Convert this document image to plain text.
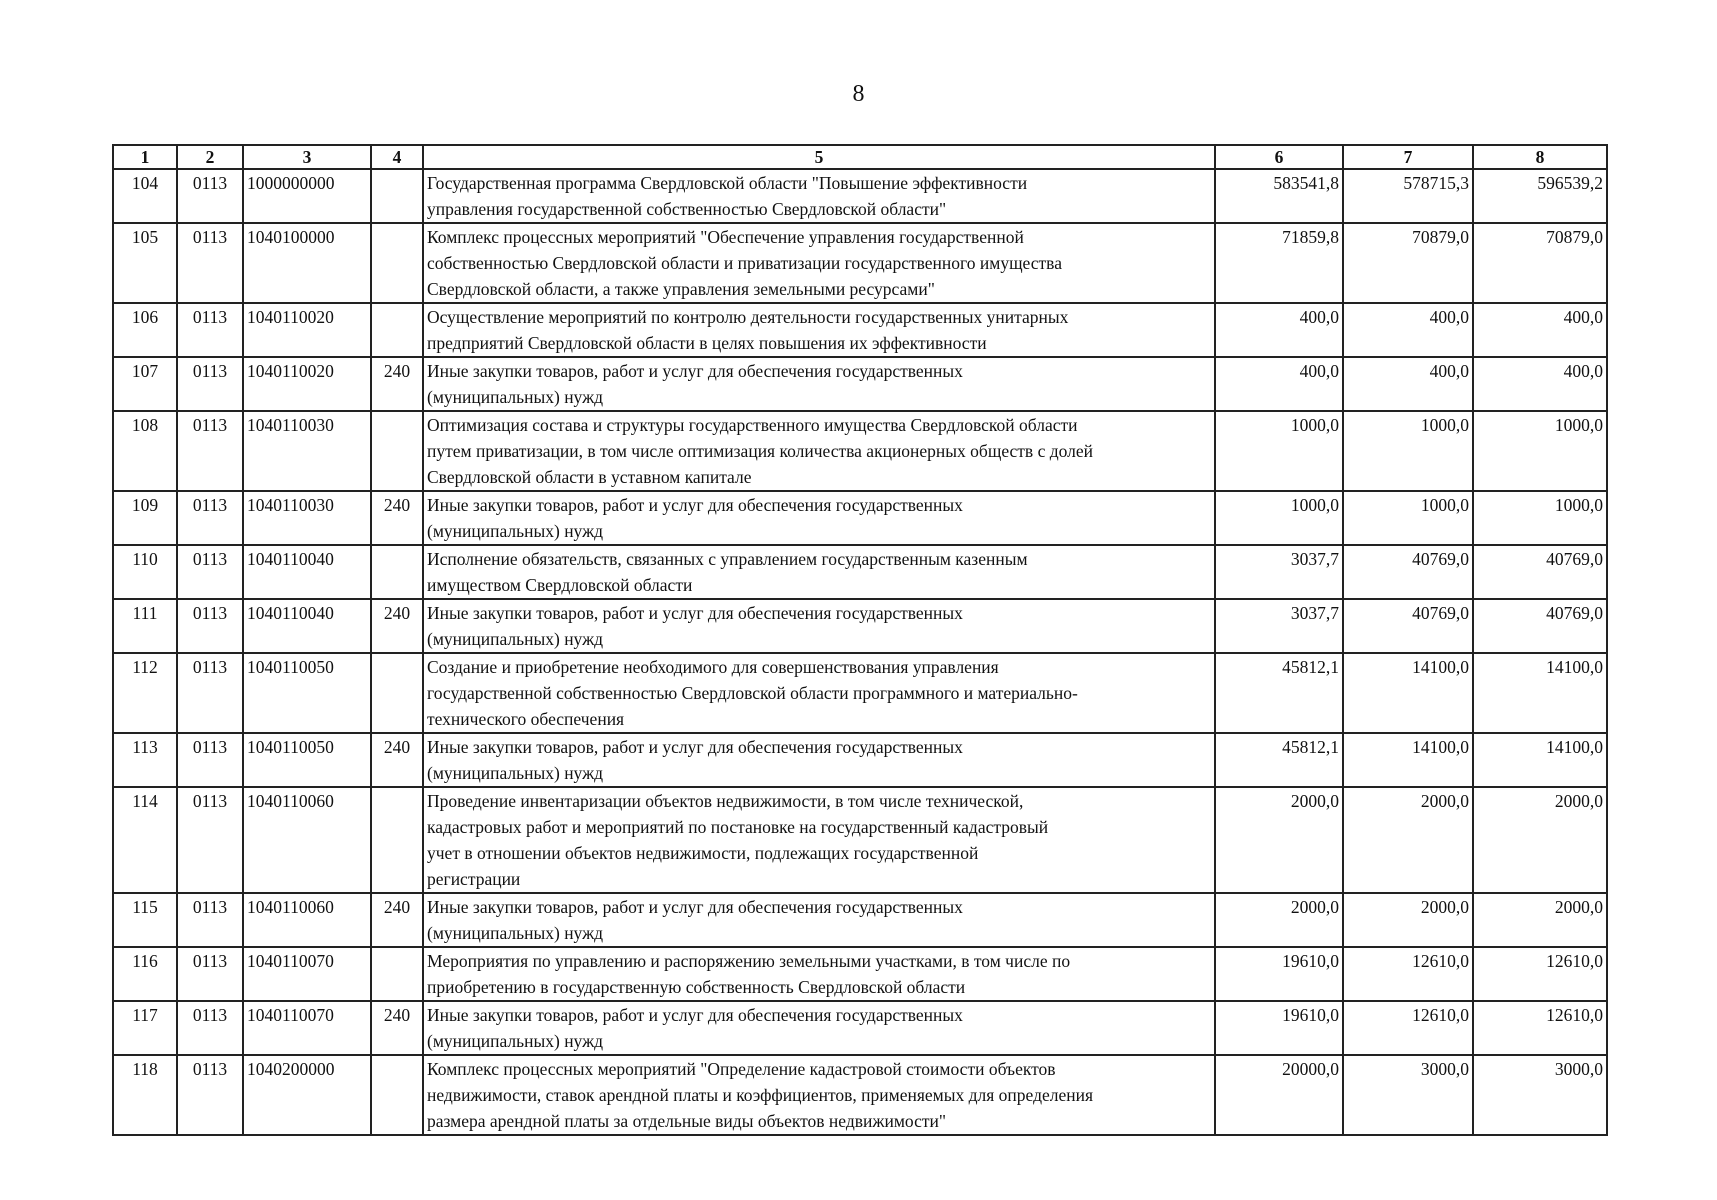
8
1	2	3	4	5	6	7	8
104	0113	1000000000		Государственная программа Свердловской области "Повышение эффективности
управления государственной собственностью Свердловской области"	583541,8	578715,3	596539,2
105	0113	1040100000		Комплекс процессных мероприятий "Обеспечение управления государственной
собственностью Свердловской области и приватизации государственного имущества
Свердловской области, а также управления земельными ресурсами"	71859,8	70879,0	70879,0
106	0113	1040110020		Осуществление мероприятий по контролю деятельности государственных унитарных
предприятий Свердловской области в целях повышения их эффективности	400,0	400,0	400,0
107	0113	1040110020	240	Иные закупки товаров, работ и услуг для обеспечения государственных
(муниципальных) нужд	400,0	400,0	400,0
108	0113	1040110030		Оптимизация состава и структуры государственного имущества Свердловской области
путем приватизации, в том числе оптимизация количества акционерных обществ с долей
Свердловской области в уставном капитале	1000,0	1000,0	1000,0
109	0113	1040110030	240	Иные закупки товаров, работ и услуг для обеспечения государственных
(муниципальных) нужд	1000,0	1000,0	1000,0
110	0113	1040110040		Исполнение обязательств, связанных с управлением государственным казенным
имуществом Свердловской области	3037,7	40769,0	40769,0
111	0113	1040110040	240	Иные закупки товаров, работ и услуг для обеспечения государственных
(муниципальных) нужд	3037,7	40769,0	40769,0
112	0113	1040110050		Создание и приобретение необходимого для совершенствования управления
государственной собственностью Свердловской области программного и материально-
технического обеспечения	45812,1	14100,0	14100,0
113	0113	1040110050	240	Иные закупки товаров, работ и услуг для обеспечения государственных
(муниципальных) нужд	45812,1	14100,0	14100,0
114	0113	1040110060		Проведение инвентаризации объектов недвижимости, в том числе технической,
кадастровых работ и мероприятий по постановке на государственный кадастровый
учет в отношении объектов недвижимости, подлежащих государственной
регистрации	2000,0	2000,0	2000,0
115	0113	1040110060	240	Иные закупки товаров, работ и услуг для обеспечения государственных
(муниципальных) нужд	2000,0	2000,0	2000,0
116	0113	1040110070		Мероприятия по управлению и распоряжению земельными участками, в том числе по
приобретению в государственную собственность Свердловской области	19610,0	12610,0	12610,0
117	0113	1040110070	240	Иные закупки товаров, работ и услуг для обеспечения государственных
(муниципальных) нужд	19610,0	12610,0	12610,0
118	0113	1040200000		Комплекс процессных мероприятий "Определение кадастровой стоимости объектов
недвижимости, ставок арендной платы и коэффициентов, применяемых для определения
размера арендной платы за отдельные виды объектов недвижимости"	20000,0	3000,0	3000,0
